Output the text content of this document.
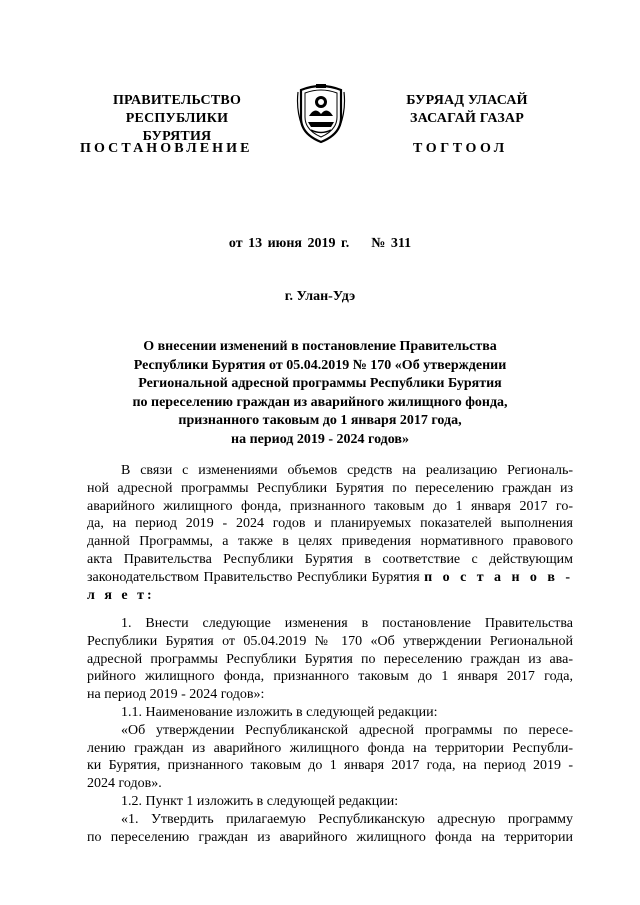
ПРАВИТЕЛЬСТВО
РЕСПУБЛИКИ БУРЯТИЯ
БУРЯАД УЛАСАЙ
ЗАСАГАЙ ГАЗАР
ПОСТАНОВЛЕНИЕ	ТОГТООЛ
от 13 июня 2019 г.    № 311
г. Улан-Удэ
О внесении изменений в постановление Правительства
Республики Бурятия от 05.04.2019 № 170 «Об утверждении
Региональной адресной программы Республики Бурятия
по переселению граждан из аварийного жилищного фонда,
признанного таковым до 1 января 2017 года,
на период 2019 - 2024 годов»
В связи с изменениями объемов средств на реализацию Региональ-
ной адресной программы Республики Бурятия по переселению граждан из
аварийного жилищного фонда, признанного таковым до 1 января 2017 го-
да, на период 2019 - 2024 годов и планируемых показателей выполнения
данной Программы, а также в целях приведения нормативного правового
акта Правительства Республики Бурятия в соответствие с действующим
законодательством Правительство Республики Бурятия п о с т а н о в -
л я е т:
1. Внести следующие изменения в постановление Правительства
Республики Бурятия от 05.04.2019 № 170 «Об утверждении Региональной
адресной программы Республики Бурятия по переселению граждан из ава-
рийного жилищного фонда, признанного таковым до 1 января 2017 года,
на период 2019 - 2024 годов»:
1.1. Наименование изложить в следующей редакции:
«Об утверждении Республиканской адресной программы по пересе-
лению граждан из аварийного жилищного фонда на территории Республи-
ки Бурятия, признанного таковым до 1 января 2017 года, на период 2019 -
2024 годов».
1.2. Пункт 1 изложить в следующей редакции:
«1. Утвердить прилагаемую Республиканскую адресную программу
по переселению граждан из аварийного жилищного фонда на территории
